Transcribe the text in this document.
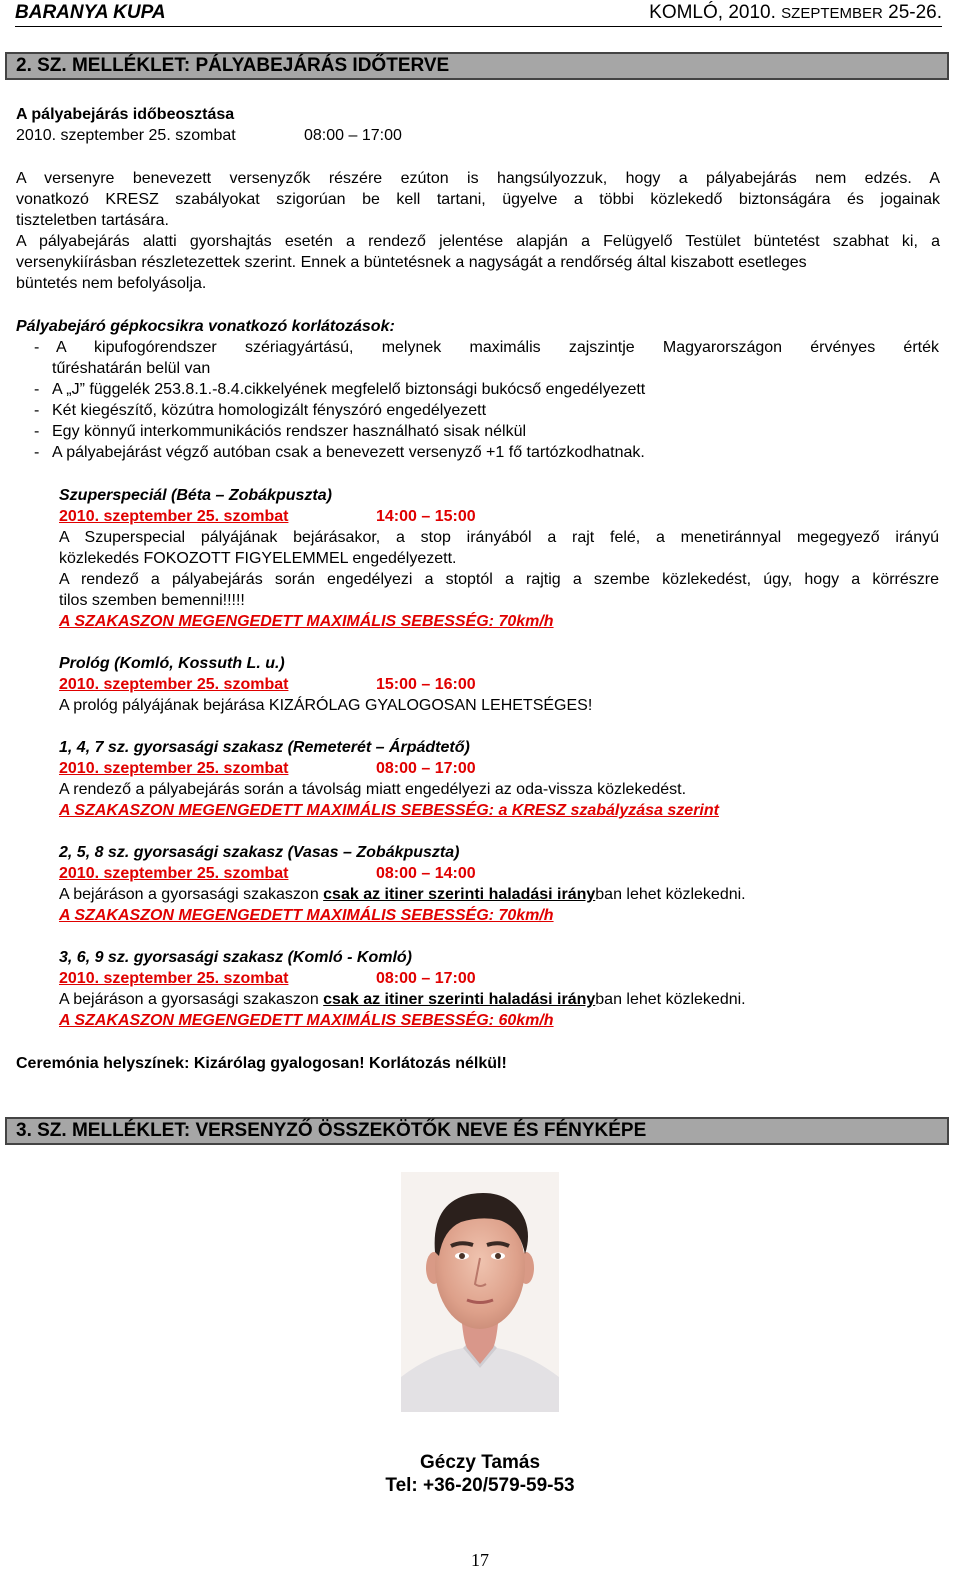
BARANYA KUPA	KOMLÓ, 2010. SZEPTEMBER 25-26.
2. SZ. MELLÉKLET: PÁLYABEJÁRÁS IDŐTERVE
A pályabejárás időbeosztása
2010. szeptember 25. szombat	08:00 – 17:00
A versenyre benevezett versenyzők részére ezúton is hangsúlyozzuk, hogy a pályabejárás nem edzés. A
vonatkozó KRESZ szabályokat szigorúan be kell tartani, ügyelve a többi közlekedő biztonságára és jogainak
tiszteletben tartására.
A pályabejárás alatti gyorshajtás esetén a rendező jelentése alapján a Felügyelő Testület büntetést szabhat ki, a
versenykiírásban részletezettek szerint. Ennek a büntetésnek a nagyságát a rendőrség által kiszabott esetleges
büntetés nem befolyásolja.
Pályabejáró gépkocsikra vonatkozó korlátozások:
- A kipufogórendszer szériagyártású, melynek maximális zajszintje Magyarországon érvényes érték
tűréshatárán belül van
- A „J” függelék 253.8.1.-8.4.cikkelyének megfelelő biztonsági bukócső engedélyezett
- Két kiegészítő, közútra homologizált fényszóró engedélyezett
- Egy könnyű interkommunikációs rendszer használható sisak nélkül
- A pályabejárást végző autóban csak a benevezett versenyző +1 fő tartózkodhatnak.
Szuperspeciál (Béta – Zobákpuszta)
2010. szeptember 25. szombat	14:00 – 15:00
A Szuperspecial pályájának bejárásakor, a stop irányából a rajt felé, a menetiránnyal megegyező irányú
közlekedés FOKOZOTT FIGYELEMMEL engedélyezett.
A rendező a pályabejárás során engedélyezi a stoptól a rajtig a szembe közlekedést, úgy, hogy a körrészre
tilos szemben bemenni!!!!!
A SZAKASZON MEGENGEDETT MAXIMÁLIS SEBESSÉG: 70km/h
Prológ (Komló, Kossuth L. u.)
2010. szeptember 25. szombat	15:00 – 16:00
A prológ pályájának bejárása KIZÁRÓLAG GYALOGOSAN LEHETSÉGES!
1, 4, 7 sz. gyorsasági szakasz (Remeterét – Árpádtető)
2010. szeptember 25. szombat	08:00 – 17:00
A rendező a pályabejárás során a távolság miatt engedélyezi az oda-vissza közlekedést.
A SZAKASZON MEGENGEDETT MAXIMÁLIS SEBESSÉG: a KRESZ szabályzása szerint
2, 5, 8 sz. gyorsasági szakasz (Vasas – Zobákpuszta)
2010. szeptember 25. szombat	08:00 – 14:00
A bejáráson a gyorsasági szakaszon csak az itiner szerinti haladási irányban lehet közlekedni.
A SZAKASZON MEGENGEDETT MAXIMÁLIS SEBESSÉG: 70km/h
3, 6, 9 sz. gyorsasági szakasz (Komló - Komló)
2010. szeptember 25. szombat	08:00 – 17:00
A bejáráson a gyorsasági szakaszon csak az itiner szerinti haladási irányban lehet közlekedni.
A SZAKASZON MEGENGEDETT MAXIMÁLIS SEBESSÉG: 60km/h
Ceremónia helyszínek: Kizárólag gyalogosan! Korlátozás nélkül!
3. SZ. MELLÉKLET: VERSENYZŐ ÖSSZEKÖTŐK NEVE ÉS FÉNYKÉPE
Géczy Tamás
Tel: +36-20/579-59-53
17
